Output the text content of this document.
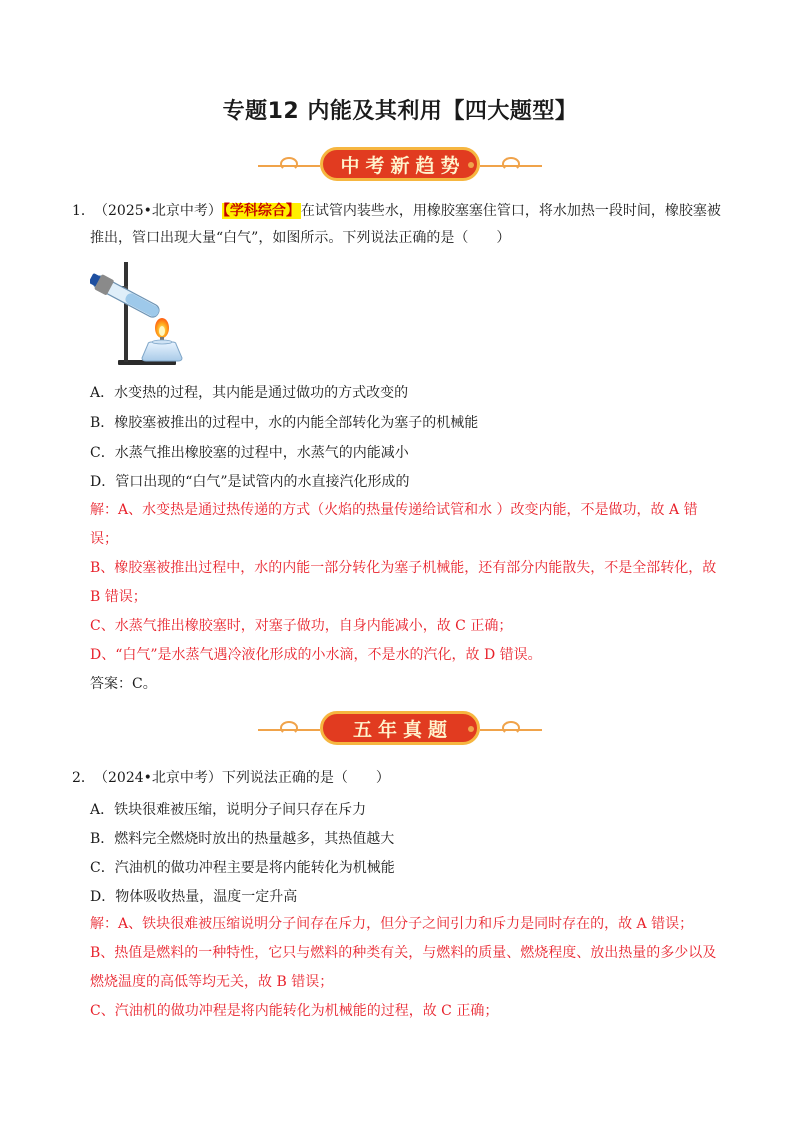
专题12 内能及其利用【四大题型】
中考新趋势
1．（2025•北京中考）【学科综合】在试管内装些水，用橡胶塞塞住管口，将水加热一段时间，橡胶塞被
推出，管口出现大量“白气”，如图所示。下列说法正确的是（　　）
A．水变热的过程，其内能是通过做功的方式改变的
B．橡胶塞被推出的过程中，水的内能全部转化为塞子的机械能
C．水蒸气推出橡胶塞的过程中，水蒸气的内能减小
D．管口出现的“白气”是试管内的水直接汽化形成的
解：A、水变热是通过热传递的方式（火焰的热量传递给试管和水 ）改变内能，不是做功，故 A 错
误；
B、橡胶塞被推出过程中，水的内能一部分转化为塞子机械能，还有部分内能散失，不是全部转化，故
B 错误；
C、水蒸气推出橡胶塞时，对塞子做功，自身内能减小，故 C 正确；
D、“白气”是水蒸气遇冷液化形成的小水滴，不是水的汽化，故 D 错误。
答案：C。
五年真题
2．（2024•北京中考）下列说法正确的是（　　）
A．铁块很难被压缩，说明分子间只存在斥力
B．燃料完全燃烧时放出的热量越多，其热值越大
C．汽油机的做功冲程主要是将内能转化为机械能
D．物体吸收热量，温度一定升高
解：A、铁块很难被压缩说明分子间存在斥力，但分子之间引力和斥力是同时存在的，故 A 错误；
B、热值是燃料的一种特性，它只与燃料的种类有关，与燃料的质量、燃烧程度、放出热量的多少以及
燃烧温度的高低等均无关，故 B 错误；
C、汽油机的做功冲程是将内能转化为机械能的过程，故 C 正确；
